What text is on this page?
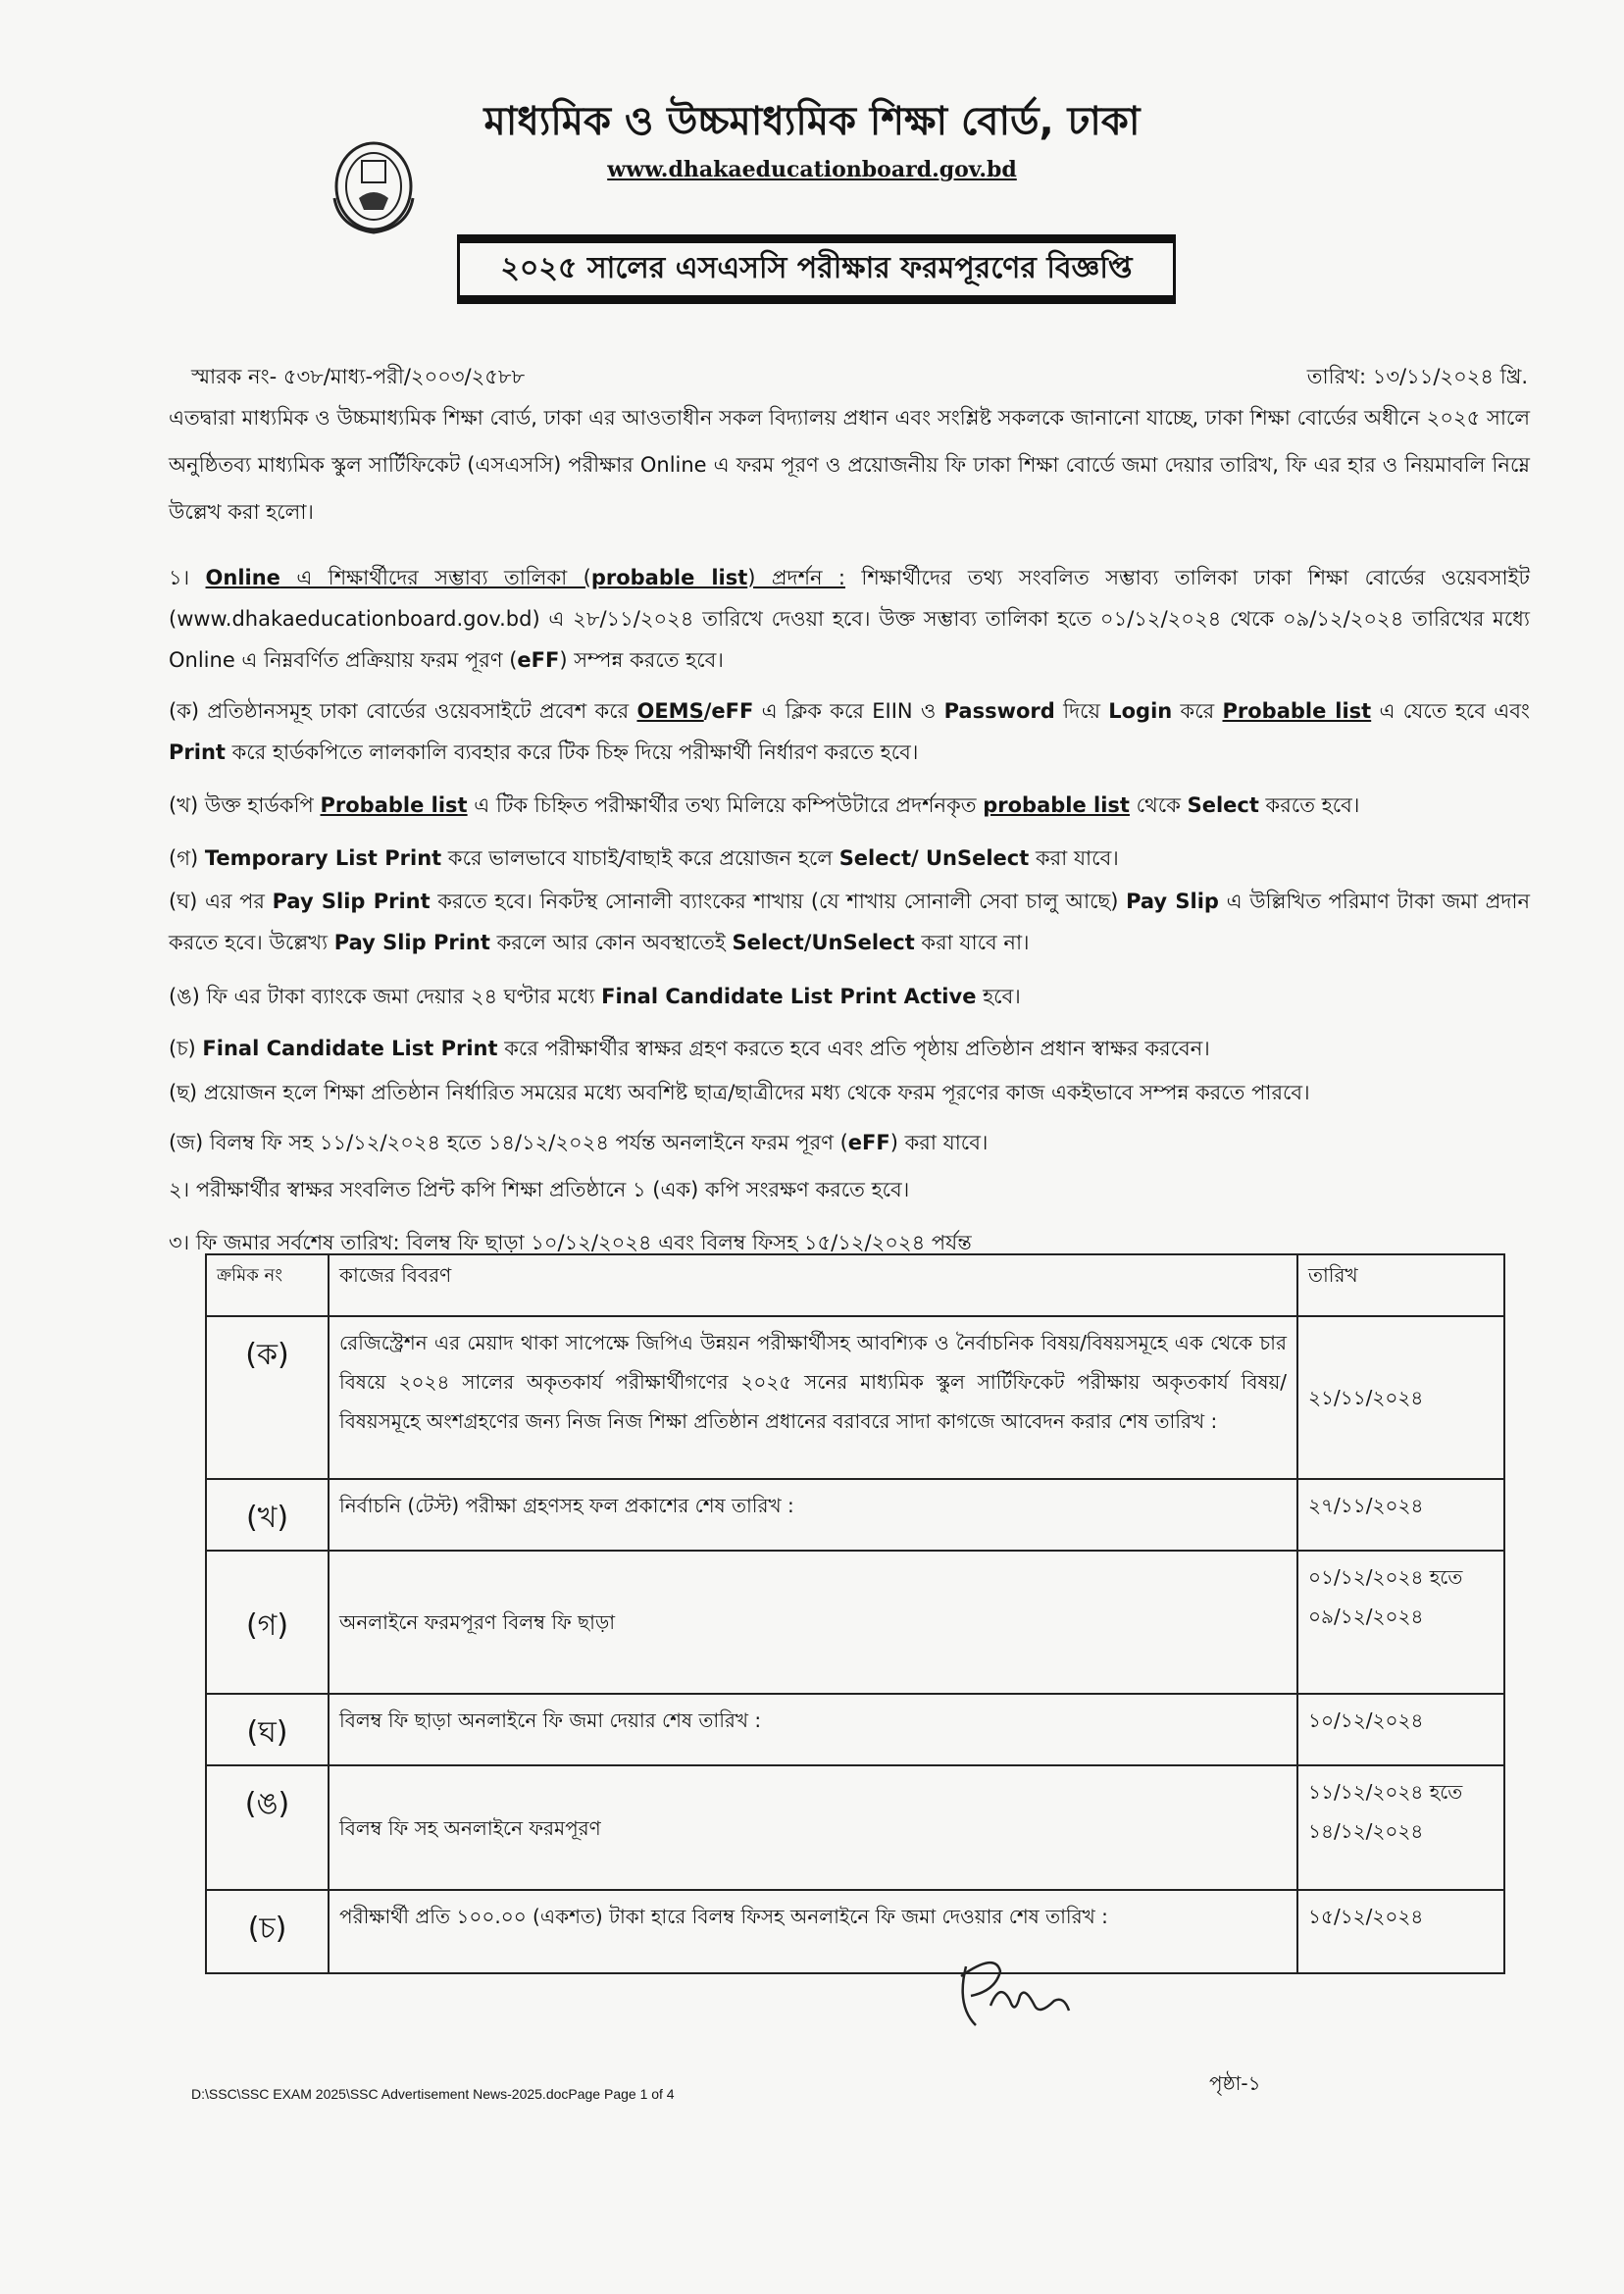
মাধ্যমিক ও উচ্চমাধ্যমিক শিক্ষা বোর্ড, ঢাকা
www.dhakaeducationboard.gov.bd
২০২৫ সালের এসএসসি পরীক্ষার ফরমপূরণের বিজ্ঞপ্তি
স্মারক নং- ৫৩৮/মাধ্য-পরী/২০০৩/২৫৮৮	তারিখ: ১৩/১১/২০২৪ খ্রি.
এতদ্বারা মাধ্যমিক ও উচ্চমাধ্যমিক শিক্ষা বোর্ড, ঢাকা এর আওতাধীন সকল বিদ্যালয় প্রধান এবং সংশ্লিষ্ট সকলকে জানানো যাচ্ছে, ঢাকা শিক্ষা বোর্ডের অধীনে ২০২৫ সালে অনুষ্ঠিতব্য মাধ্যমিক স্কুল সার্টিফিকেট (এসএসসি) পরীক্ষার Online এ ফরম পূরণ ও প্রয়োজনীয় ফি ঢাকা শিক্ষা বোর্ডে জমা দেয়ার তারিখ, ফি এর হার ও নিয়মাবলি নিম্নে উল্লেখ করা হলো।
১। Online এ শিক্ষার্থীদের সম্ভাব্য তালিকা (probable list) প্রদর্শন : শিক্ষার্থীদের তথ্য সংবলিত সম্ভাব্য তালিকা ঢাকা শিক্ষা বোর্ডের ওয়েবসাইট (www.dhakaeducationboard.gov.bd) এ ২৮/১১/২০২৪ তারিখে দেওয়া হবে। উক্ত সম্ভাব্য তালিকা হতে ০১/১২/২০২৪ থেকে ০৯/১২/২০২৪ তারিখের মধ্যে Online এ নিম্নবর্ণিত প্রক্রিয়ায় ফরম পূরণ (eFF) সম্পন্ন করতে হবে।
(ক) প্রতিষ্ঠানসমূহ ঢাকা বোর্ডের ওয়েবসাইটে প্রবেশ করে OEMS/eFF এ ক্লিক করে EIIN ও Password দিয়ে Login করে Probable list এ যেতে হবে এবং Print করে হার্ডকপিতে লালকালি ব্যবহার করে টিক চিহ্ন দিয়ে পরীক্ষার্থী নির্ধারণ করতে হবে।
(খ) উক্ত হার্ডকপি Probable list এ টিক চিহ্নিত পরীক্ষার্থীর তথ্য মিলিয়ে কম্পিউটারে প্রদর্শনকৃত probable list থেকে Select করতে হবে।
(গ) Temporary List Print করে ভালভাবে যাচাই/বাছাই করে প্রয়োজন হলে Select/ UnSelect করা যাবে।
(ঘ) এর পর Pay Slip Print করতে হবে। নিকটস্থ সোনালী ব্যাংকের শাখায় (যে শাখায় সোনালী সেবা চালু আছে) Pay Slip এ উল্লিখিত পরিমাণ টাকা জমা প্রদান করতে হবে। উল্লেখ্য Pay Slip Print করলে আর কোন অবস্থাতেই Select/UnSelect করা যাবে না।
(ঙ) ফি এর টাকা ব্যাংকে জমা দেয়ার ২৪ ঘণ্টার মধ্যে Final Candidate List Print Active হবে।
(চ) Final Candidate List Print করে পরীক্ষার্থীর স্বাক্ষর গ্রহণ করতে হবে এবং প্রতি পৃষ্ঠায় প্রতিষ্ঠান প্রধান স্বাক্ষর করবেন।
(ছ) প্রয়োজন হলে শিক্ষা প্রতিষ্ঠান নির্ধারিত সময়ের মধ্যে অবশিষ্ট ছাত্র/ছাত্রীদের মধ্য থেকে ফরম পূরণের কাজ একইভাবে সম্পন্ন করতে পারবে।
(জ) বিলম্ব ফি সহ ১১/১২/২০২৪ হতে ১৪/১২/২০২৪ পর্যন্ত অনলাইনে ফরম পূরণ (eFF) করা যাবে।
২। পরীক্ষার্থীর স্বাক্ষর সংবলিত প্রিন্ট কপি শিক্ষা প্রতিষ্ঠানে ১ (এক) কপি সংরক্ষণ করতে হবে।
৩। ফি জমার সর্বশেষ তারিখ: বিলম্ব ফি ছাড়া ১০/১২/২০২৪ এবং বিলম্ব ফিসহ ১৫/১২/২০২৪ পর্যন্ত
ক্রমিক নং	কাজের বিবরণ	তারিখ
(ক)	রেজিস্ট্রেশন এর মেয়াদ থাকা সাপেক্ষে জিপিএ উন্নয়ন পরীক্ষার্থীসহ আবশ্যিক ও নৈর্বাচনিক বিষয়/বিষয়সমূহে এক থেকে চার বিষয়ে ২০২৪ সালের অকৃতকার্য পরীক্ষার্থীগণের ২০২৫ সনের মাধ্যমিক স্কুল সার্টিফিকেট পরীক্ষায় অকৃতকার্য বিষয়/বিষয়সমূহে অংশগ্রহণের জন্য নিজ নিজ শিক্ষা প্রতিষ্ঠান প্রধানের বরাবরে সাদা কাগজে আবেদন করার শেষ তারিখ :	২১/১১/২০২৪
(খ)	নির্বাচনি (টেস্ট) পরীক্ষা গ্রহণসহ ফল প্রকাশের শেষ তারিখ :	২৭/১১/২০২৪
(গ)	অনলাইনে ফরমপূরণ বিলম্ব ফি ছাড়া	০১/১২/২০২৪ হতে ০৯/১২/২০২৪
(ঘ)	বিলম্ব ফি ছাড়া অনলাইনে ফি জমা দেয়ার শেষ তারিখ :	১০/১২/২০২৪
(ঙ)	বিলম্ব ফি সহ অনলাইনে ফরমপূরণ	১১/১২/২০২৪ হতে ১৪/১২/২০২৪
(চ)	পরীক্ষার্থী প্রতি ১০০.০০ (একশত) টাকা হারে বিলম্ব ফিসহ অনলাইনে ফি জমা দেওয়ার শেষ তারিখ :	১৫/১২/২০২৪
D:\SSC\SSC EXAM 2025\SSC Advertisement News-2025.docPage Page 1 of 4	পৃষ্ঠা-১
